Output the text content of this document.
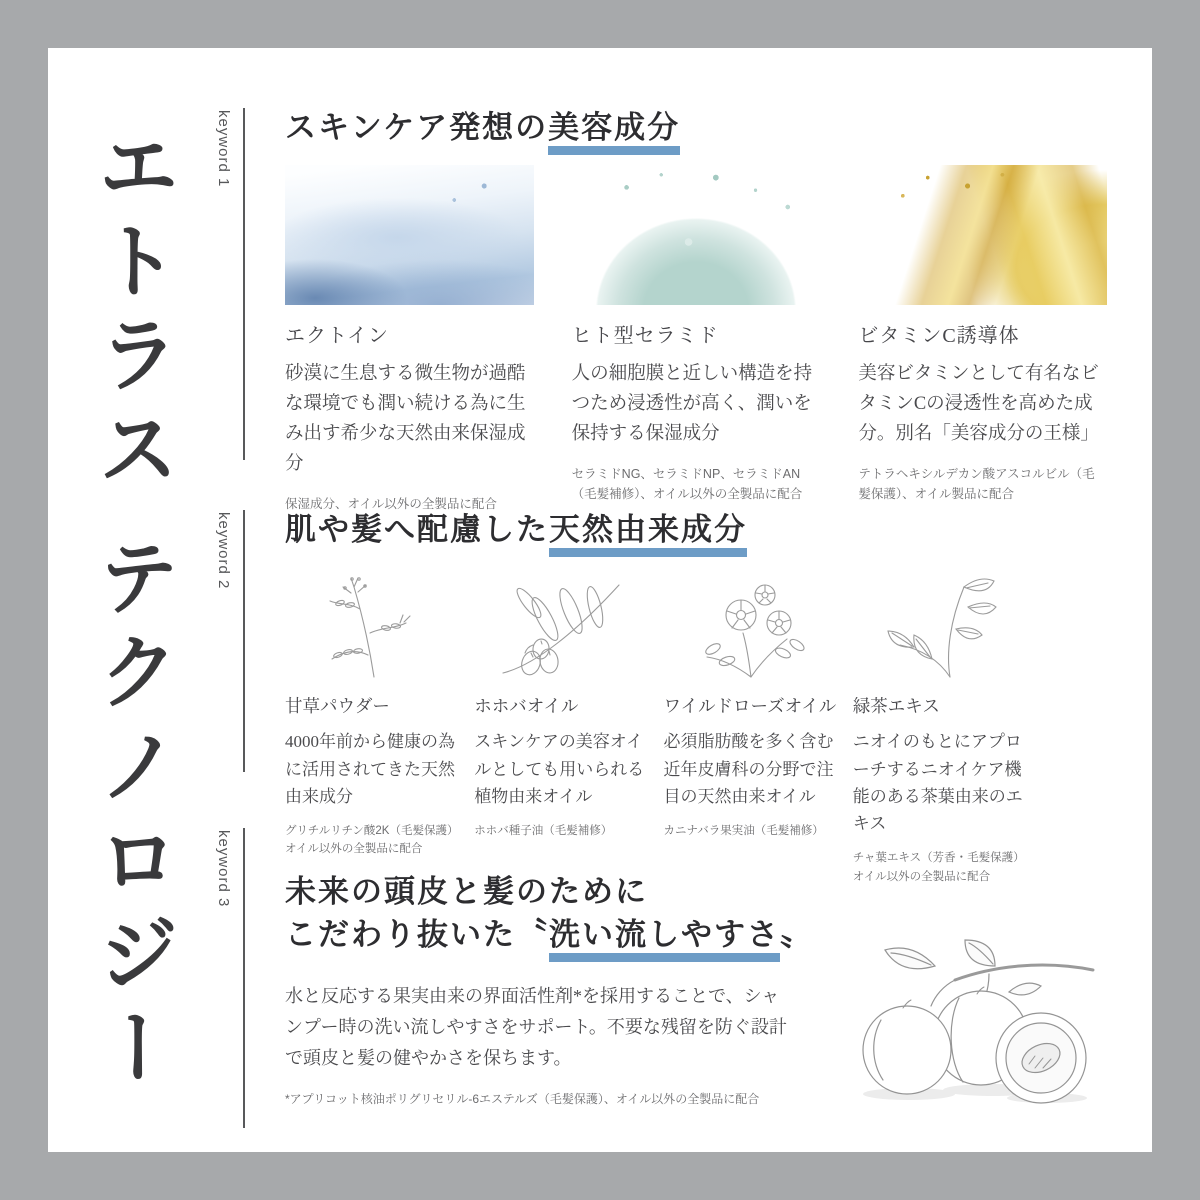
エトラス テクノロジー	keyword 1 スキンケア発想の美容成分
エクトイン

砂漠に生息する微生物が過酷な環境でも潤い続ける為に生み出す希少な天然由来保湿成分

保湿成分、オイル以外の全製品に配合

ヒト型セラミド

人の細胞膜と近しい構造を持つため浸透性が高く、潤いを保持する保湿成分

セラミドNG、セラミドNP、セラミドAN（毛髪補修）、オイル以外の全製品に配合

ビタミンC誘導体

美容ビタミンとして有名なビタミンCの浸透性を高めた成分。別名「美容成分の王様」

テトラヘキシルデカン酸アスコルビル（毛髪保護）、オイル製品に配合

keyword 2 肌や髪へ配慮した天然由来成分
甘草パウダー

4000年前から健康の為に活用されてきた天然由来成分

グリチルリチン酸2K（毛髪保護）オイル以外の全製品に配合

ホホバオイル

スキンケアの美容オイルとしても用いられる植物由来オイル

ホホバ種子油（毛髪補修）

ワイルドローズオイル

必須脂肪酸を多く含む近年皮膚科の分野で注目の天然由来オイル

カニナバラ果実油（毛髪補修）

緑茶エキス

ニオイのもとにアプローチするニオイケア機能のある茶葉由来のエキス

チャ葉エキス（芳香・毛髪保護）オイル以外の全製品に配合

keyword 3 未来の頭皮と髪のために
こだわり抜いた〝洗い流しやすさ〟

水と反応する果実由来の界面活性剤*を採用することで、シャンプー時の洗い流しやすさをサポート。不要な残留を防ぐ設計で頭皮と髪の健やかさを保ちます。

*アプリコット核油ポリグリセリル-6エステルズ（毛髪保護）、オイル以外の全製品に配合
